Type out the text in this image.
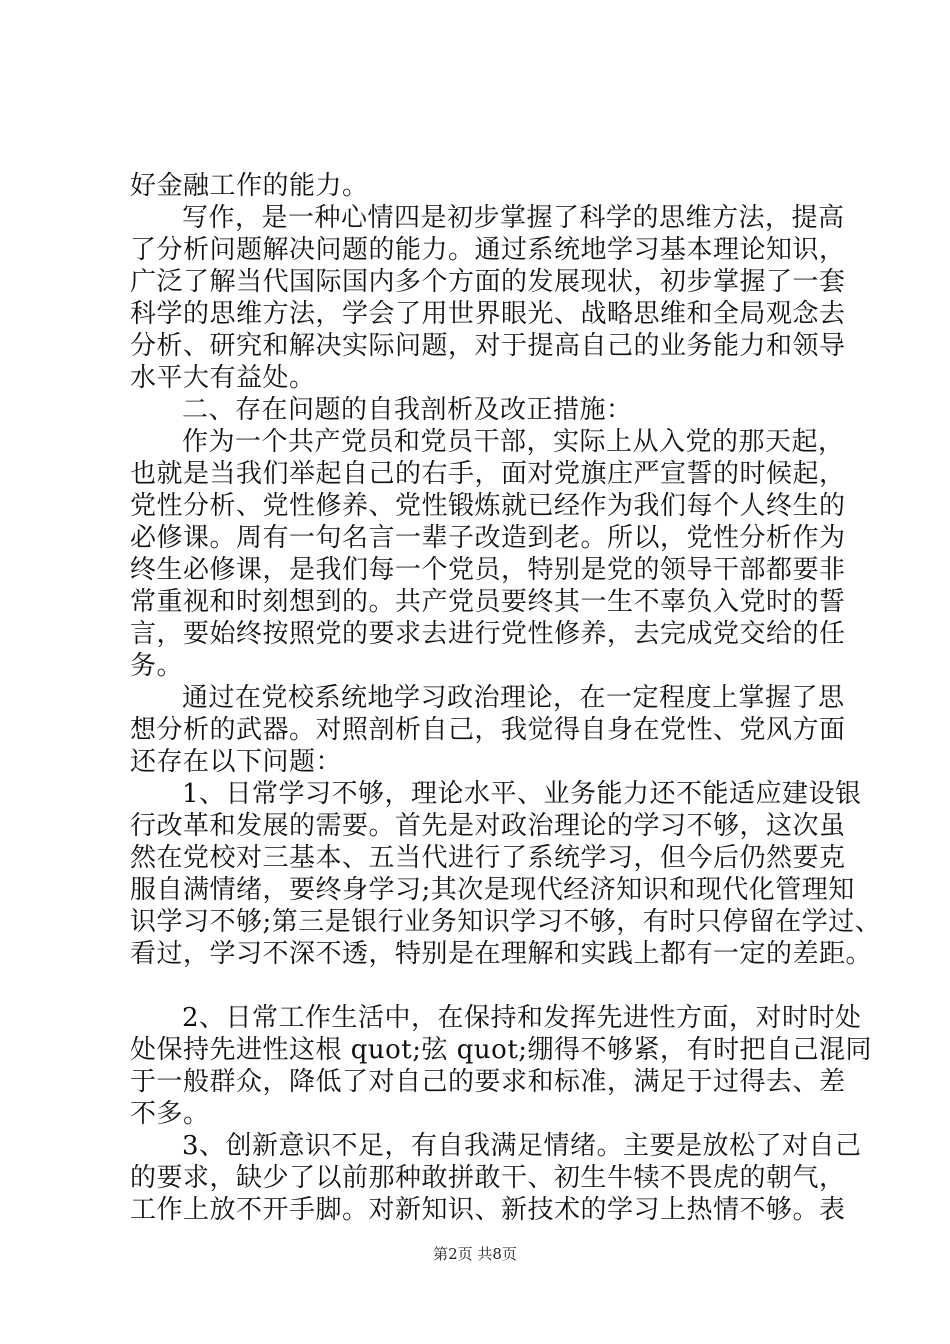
好金融工作的能力。
写作，是一种心情四是初步掌握了科学的思维方法，提高
了分析问题解决问题的能力。通过系统地学习基本理论知识，
广泛了解当代国际国内多个方面的发展现状，初步掌握了一套
科学的思维方法，学会了用世界眼光、战略思维和全局观念去
分析、研究和解决实际问题，对于提高自己的业务能力和领导
水平大有益处。
二、存在问题的自我剖析及改正措施：
作为一个共产党员和党员干部，实际上从入党的那天起，
也就是当我们举起自己的右手，面对党旗庄严宣誓的时候起，
党性分析、党性修养、党性锻炼就已经作为我们每个人终生的
必修课。周有一句名言一辈子改造到老。所以，党性分析作为
终生必修课，是我们每一个党员，特别是党的领导干部都要非
常重视和时刻想到的。共产党员要终其一生不辜负入党时的誓
言，要始终按照党的要求去进行党性修养，去完成党交给的任
务。
通过在党校系统地学习政治理论，在一定程度上掌握了思
想分析的武器。对照剖析自己，我觉得自身在党性、党风方面
还存在以下问题：
1、日常学习不够，理论水平、业务能力还不能适应建设银
行改革和发展的需要。首先是对政治理论的学习不够，这次虽
然在党校对三基本、五当代进行了系统学习，但今后仍然要克
服自满情绪，要终身学习;其次是现代经济知识和现代化管理知
识学习不够;第三是银行业务知识学习不够，有时只停留在学过、
看过，学习不深不透，特别是在理解和实践上都有一定的差距。
2、日常工作生活中，在保持和发挥先进性方面，对时时处
处保持先进性这根 quot;弦 quot;绷得不够紧，有时把自己混同
于一般群众，降低了对自己的要求和标准，满足于过得去、差
不多。
3、创新意识不足，有自我满足情绪。主要是放松了对自己
的要求，缺少了以前那种敢拼敢干、初生牛犊不畏虎的朝气，
工作上放不开手脚。对新知识、新技术的学习上热情不够。表
第2页 共8页
